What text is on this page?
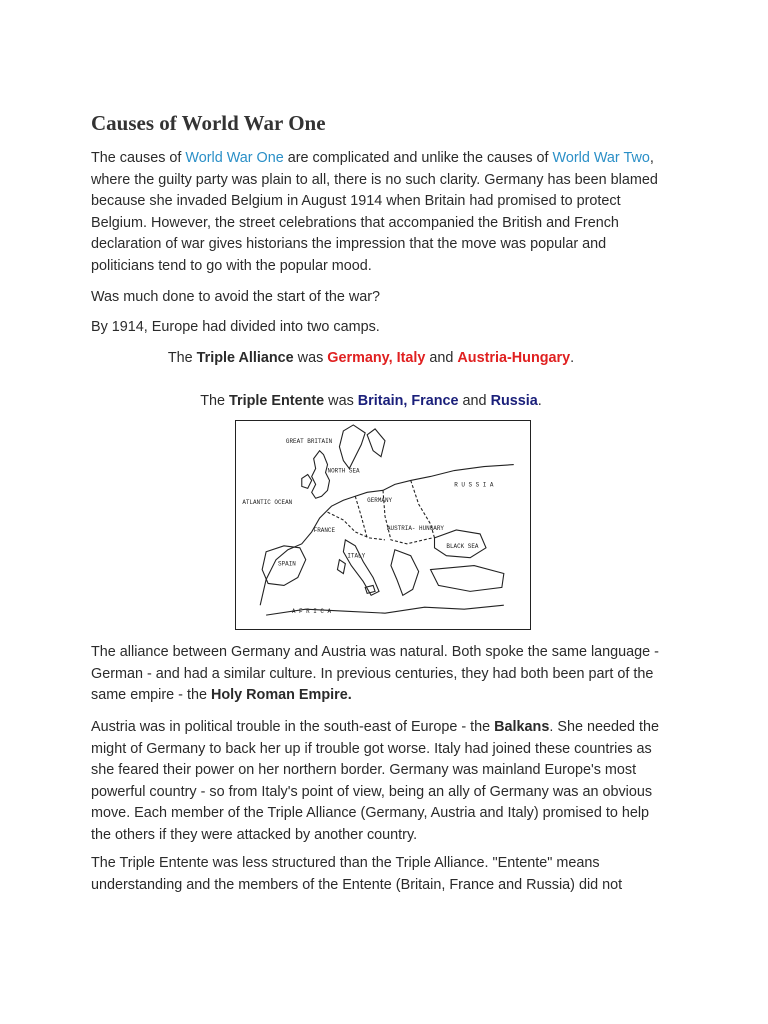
Causes of World War One

The causes of World War One are complicated and unlike the causes of World War Two, where the guilty party was plain to all, there is no such clarity. Germany has been blamed because she invaded Belgium in August 1914 when Britain had promised to protect Belgium. However, the street celebrations that accompanied the British and French declaration of war gives historians the impression that the move was popular and politicians tend to go with the popular mood.

Was much done to avoid the start of the war?

By 1914, Europe had divided into two camps.

The Triple Alliance was Germany, Italy and Austria-Hungary.

The Triple Entente was Britain, France and Russia.

GREAT BRITAIN
NORTH SEA
R U S S I A
ATLANTIC OCEAN	GERMANY
FRANCE	AUSTRIA- HUNGARY
SPAIN
ITALY
BLACK SEA
A F R I C A

The alliance between Germany and Austria was natural. Both spoke the same language - German - and had a similar culture. In previous centuries, they had both been part of the same empire - the Holy Roman Empire.

Austria was in political trouble in the south-east of Europe - the Balkans. She needed the might of Germany to back her up if trouble got worse. Italy had joined these countries as she feared their power on her northern border. Germany was mainland Europe's most powerful country - so from Italy's point of view, being an ally of Germany was an obvious move. Each member of the Triple Alliance (Germany, Austria and Italy) promised to help the others if they were attacked by another country.

The Triple Entente was less structured than the Triple Alliance. "Entente" means understanding and the members of the Entente (Britain, France and Russia) did not
